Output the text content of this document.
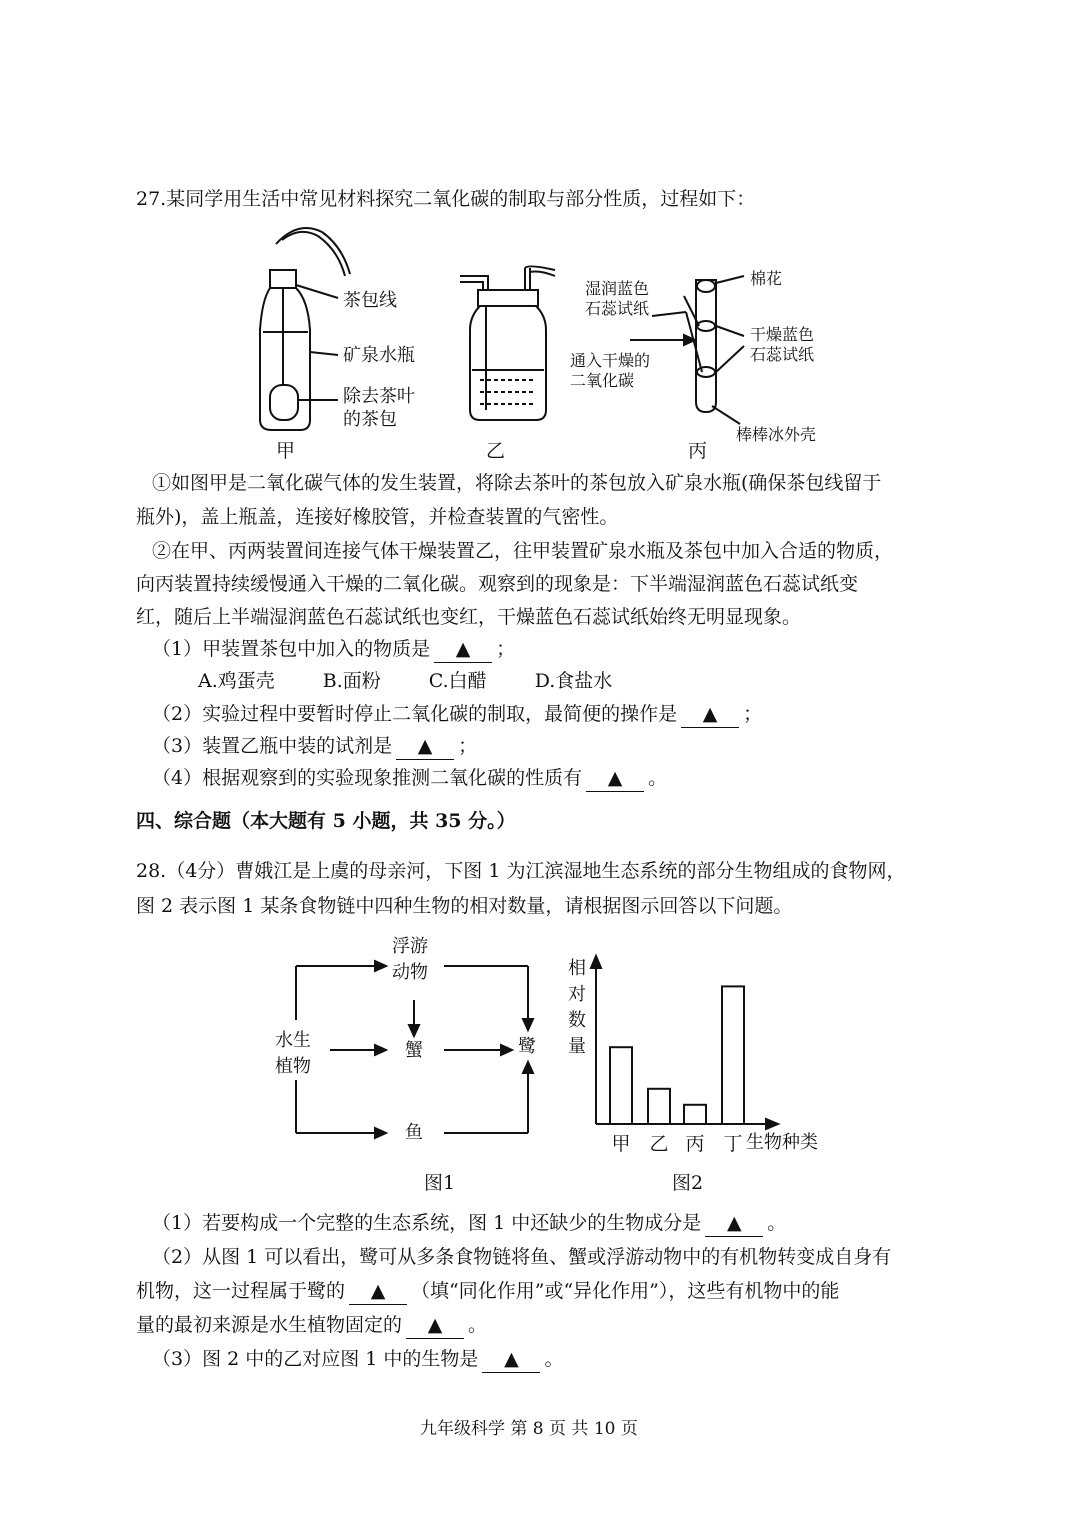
27.某同学用生活中常见材料探究二氧化碳的制取与部分性质，过程如下：
茶包线
矿泉水瓶
除去茶叶
的茶包
甲	乙
湿润蓝色
石蕊试纸
棉花
干燥蓝色
石蕊试纸
通入干燥的
二氧化碳
棒棒冰外壳
丙
①如图甲是二氧化碳气体的发生装置，将除去茶叶的茶包放入矿泉水瓶(确保茶包线留于
瓶外)，盖上瓶盖，连接好橡胶管，并检查装置的气密性。
②在甲、丙两装置间连接气体干燥装置乙，往甲装置矿泉水瓶及茶包中加入合适的物质，
向丙装置持续缓慢通入干燥的二氧化碳。观察到的现象是：下半端湿润蓝色石蕊试纸变
红，随后上半端湿润蓝色石蕊试纸也变红，干燥蓝色石蕊试纸始终无明显现象。
（1）甲装置茶包中加入的物质是 ▲ ；
A.鸡蛋壳	B.面粉	C.白醋	D.食盐水
（2）实验过程中要暂时停止二氧化碳的制取，最简便的操作是 ▲ ；
（3）装置乙瓶中装的试剂是 ▲ ；
（4）根据观察到的实验现象推测二氧化碳的性质有 ▲ 。
四、综合题（本大题有 5 小题，共 35 分。）
28.（4分）曹娥江是上虞的母亲河，下图 1 为江滨湿地生态系统的部分生物组成的食物网，
图 2 表示图 1 某条食物链中四种生物的相对数量，请根据图示回答以下问题。
浮游
动物
水生
植物
蟹	鹭
鱼
图1
甲 乙 丙 丁
相
对
数
量
生物种类
图2
（1）若要构成一个完整的生态系统，图 1 中还缺少的生物成分是 ▲ 。
（2）从图 1 可以看出，鹭可从多条食物链将鱼、蟹或浮游动物中的有机物转变成自身有
机物，这一过程属于鹭的 ▲ （填“同化作用”或“异化作用”），这些有机物中的能
量的最初来源是水生植物固定的 ▲ 。
（3）图 2 中的乙对应图 1 中的生物是 ▲ 。
九年级科学 第 8 页 共 10 页
